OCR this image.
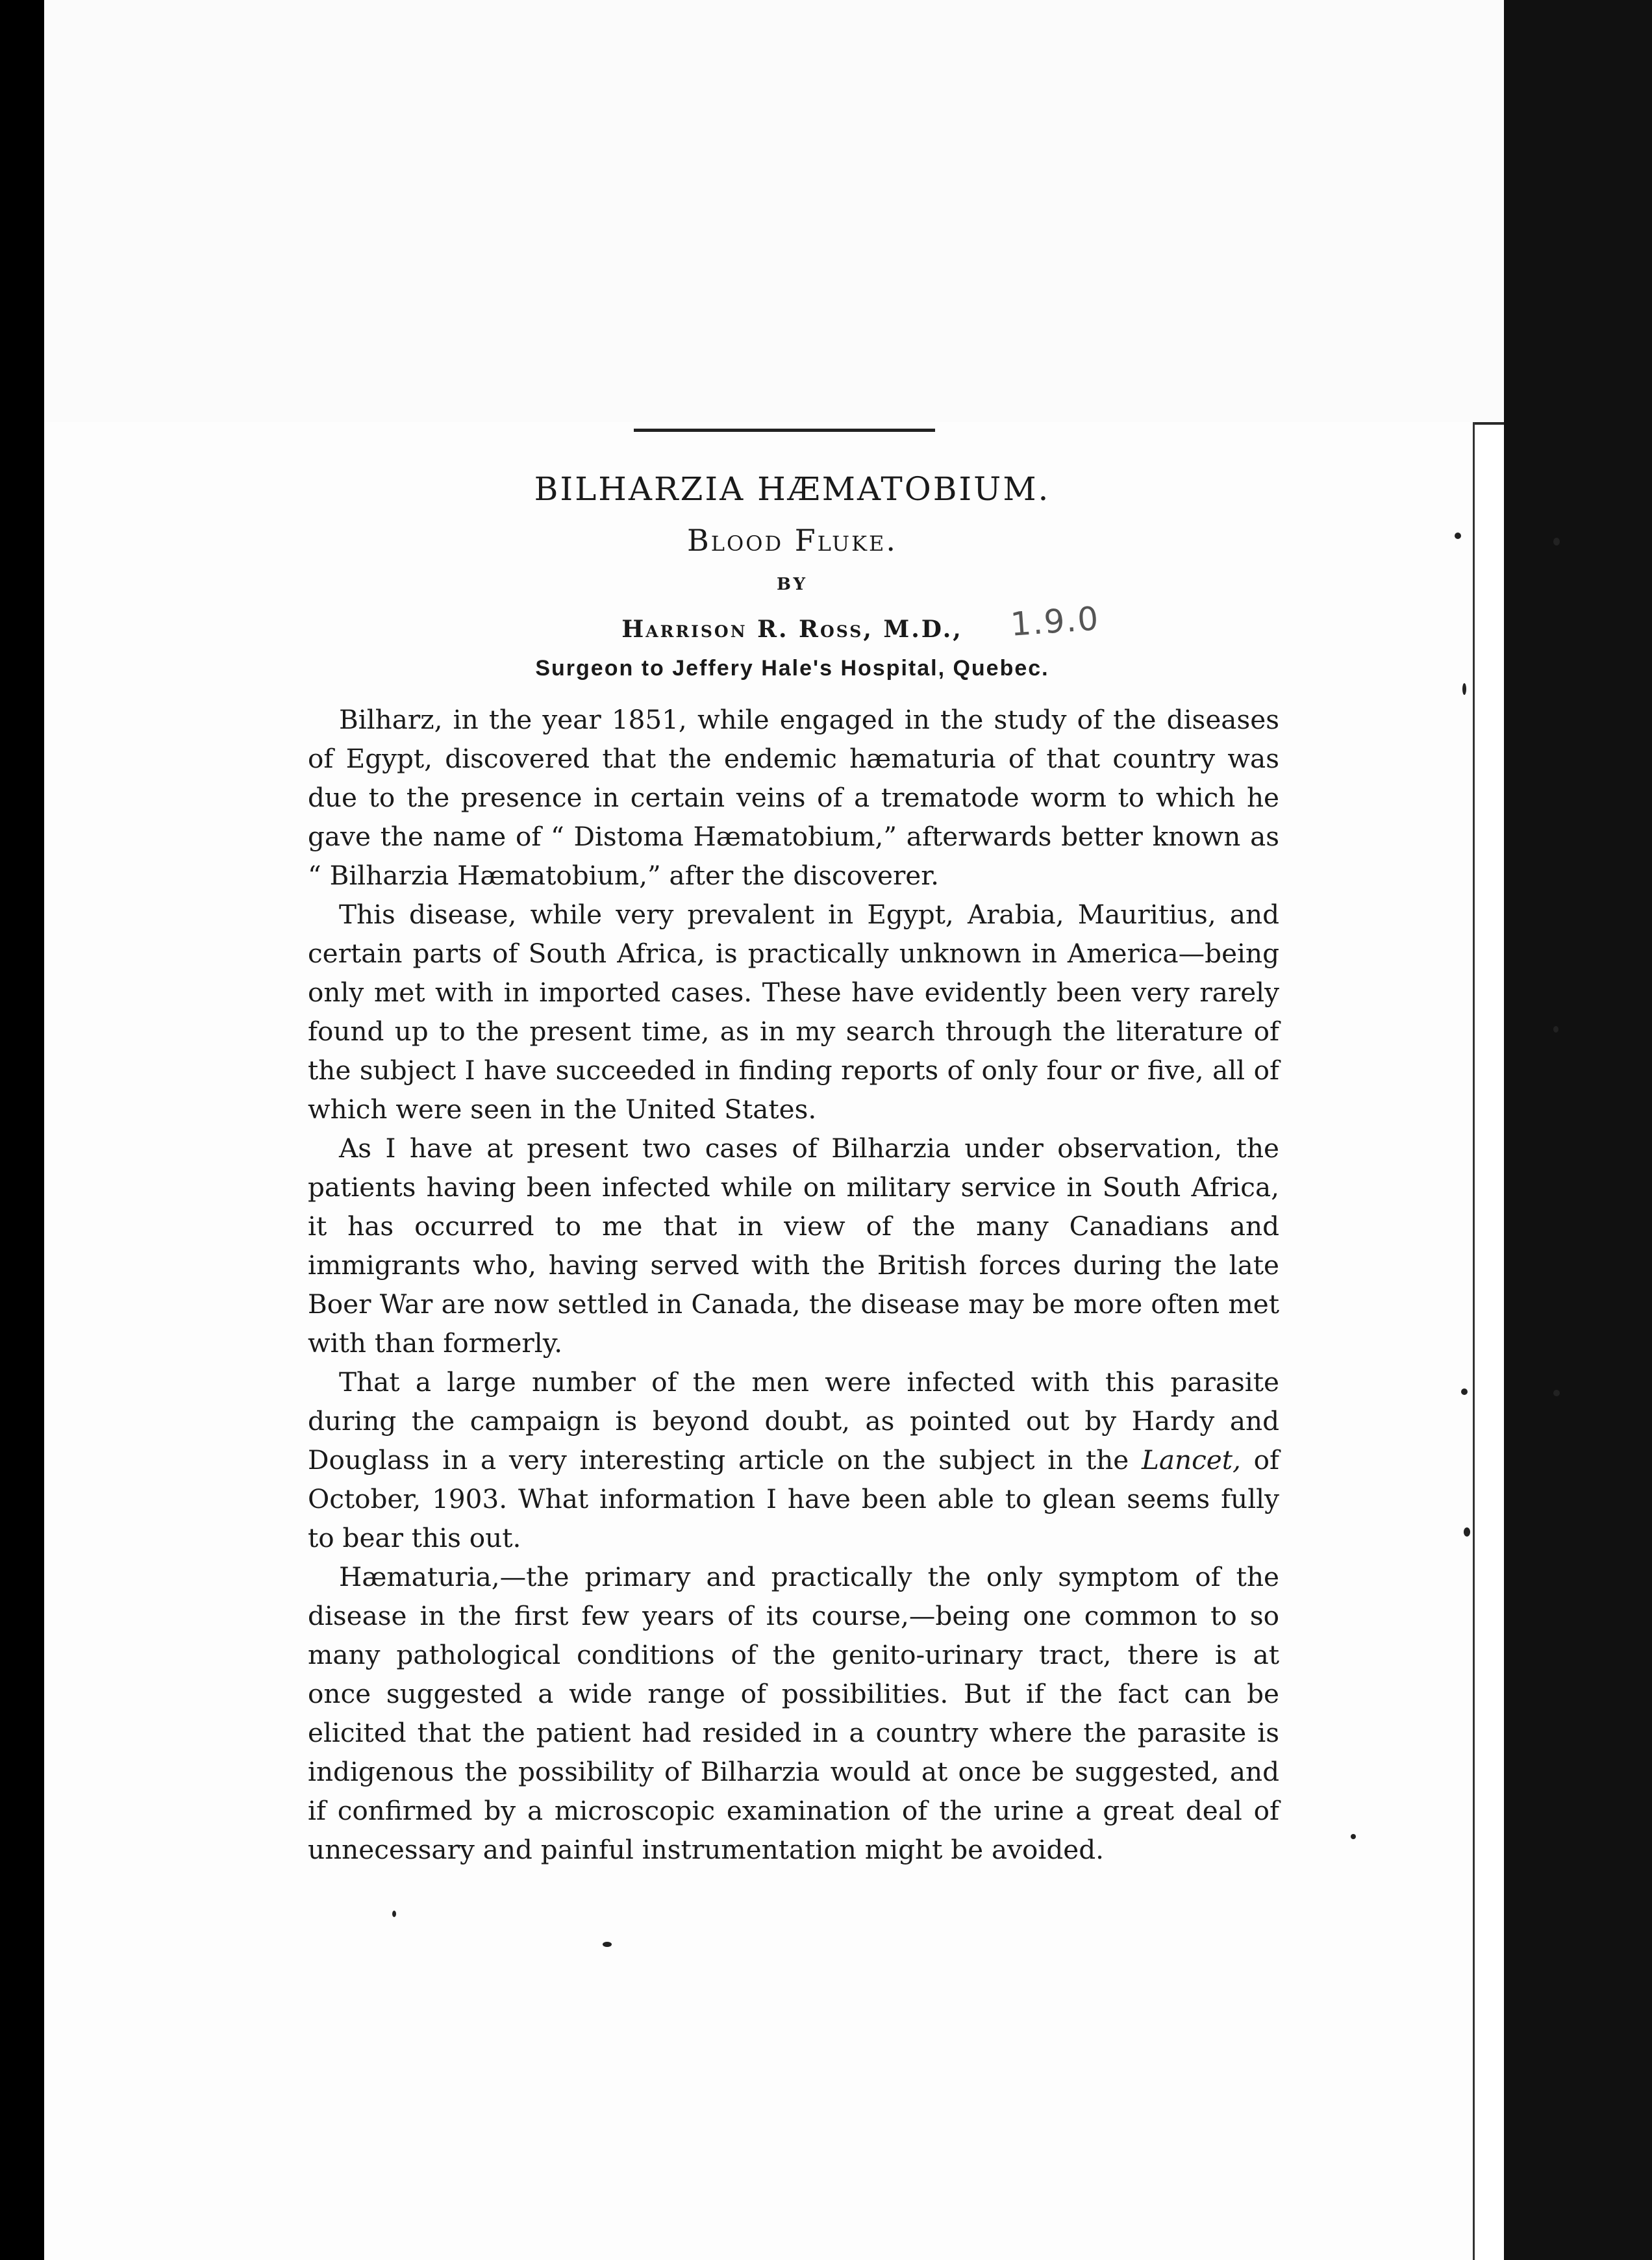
BILHARZIA HÆMATOBIUM.
Blood Fluke.
BY
Harrison R. Ross, M.D.,	1.9.0
Surgeon to Jeffery Hale's Hospital, Quebec.

Bilharz, in the year 1851, while engaged in the study of the diseases of Egypt, discovered that the endemic hæmaturia of that country was due to the presence in certain veins of a trematode worm to which he gave the name of “ Distoma Hæmatobium,” afterwards better known as “ Bilharzia Hæmatobium,” after the discoverer.

This disease, while very prevalent in Egypt, Arabia, Mauritius, and certain parts of South Africa, is practically unknown in America—being only met with in imported cases. These have evidently been very rarely found up to the present time, as in my search through the literature of the subject I have succeeded in finding reports of only four or five, all of which were seen in the United States.

As I have at present two cases of Bilharzia under observation, the patients having been infected while on military service in South Africa, it has occurred to me that in view of the many Canadians and immigrants who, having served with the British forces during the late Boer War are now settled in Canada, the disease may be more often met with than formerly.

That a large number of the men were infected with this parasite during the campaign is beyond doubt, as pointed out by Hardy and Douglass in a very interesting article on the subject in the Lancet, of October, 1903. What information I have been able to glean seems fully to bear this out.

Hæmaturia,—the primary and practically the only symptom of the disease in the first few years of its course,—being one common to so many pathological conditions of the genito-urinary tract, there is at once suggested a wide range of possibilities. But if the fact can be elicited that the patient had resided in a country where the parasite is indigenous the possibility of Bilharzia would at once be suggested, and if confirmed by a microscopic examination of the urine a great deal of unnecessary and painful instrumentation might be avoided.
